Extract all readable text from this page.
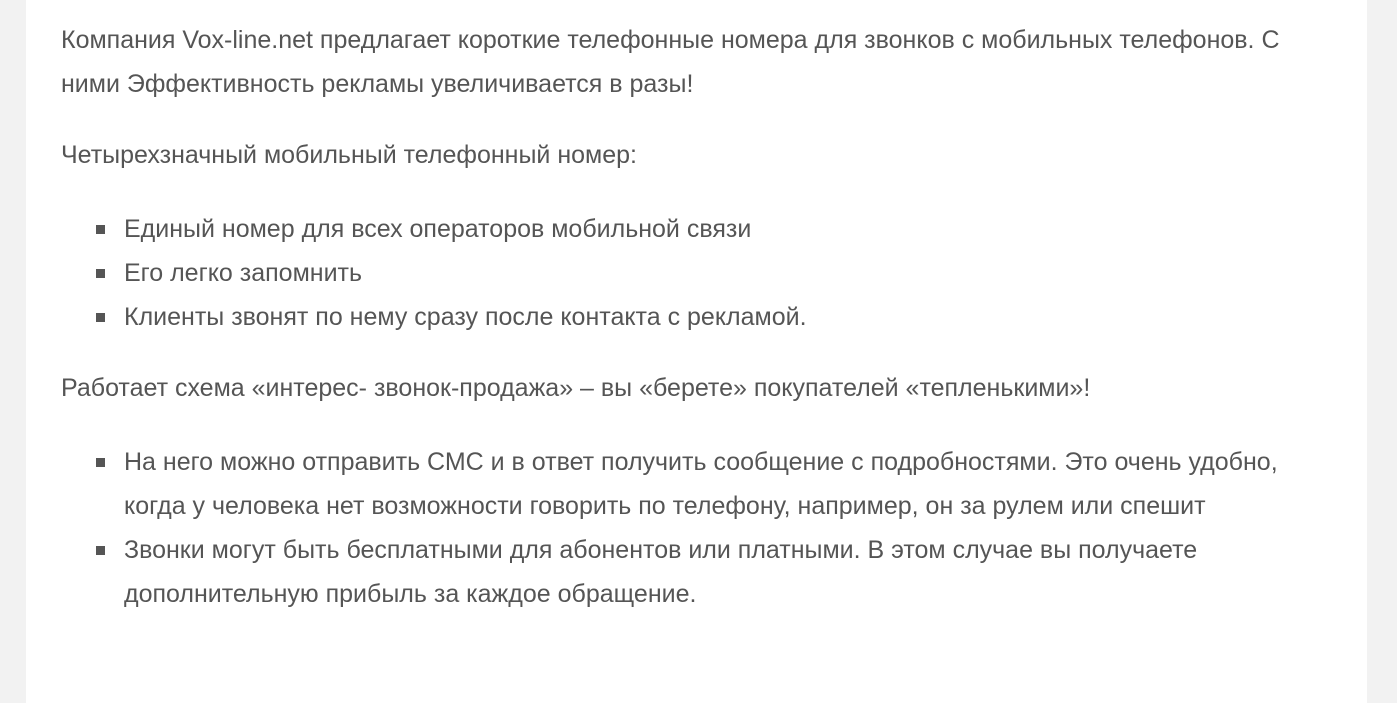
Компания Vox-line.net предлагает короткие телефонные номера для звонков с мобильных телефонов. С ними Эффективность рекламы увеличивается в разы!

Четырехзначный мобильный телефонный номер:

Единый номер для всех операторов мобильной связи
Его легко запомнить
Клиенты звонят по нему сразу после контакта с рекламой.

Работает схема «интерес- звонок-продажа» – вы «берете» покупателей «тепленькими»!

На него можно отправить СМС и в ответ получить сообщение с подробностями. Это очень удобно, когда у человека нет возможности говорить по телефону, например, он за рулем или спешит
Звонки могут быть бесплатными для абонентов или платными. В этом случае вы получаете дополнительную прибыль за каждое обращение.
